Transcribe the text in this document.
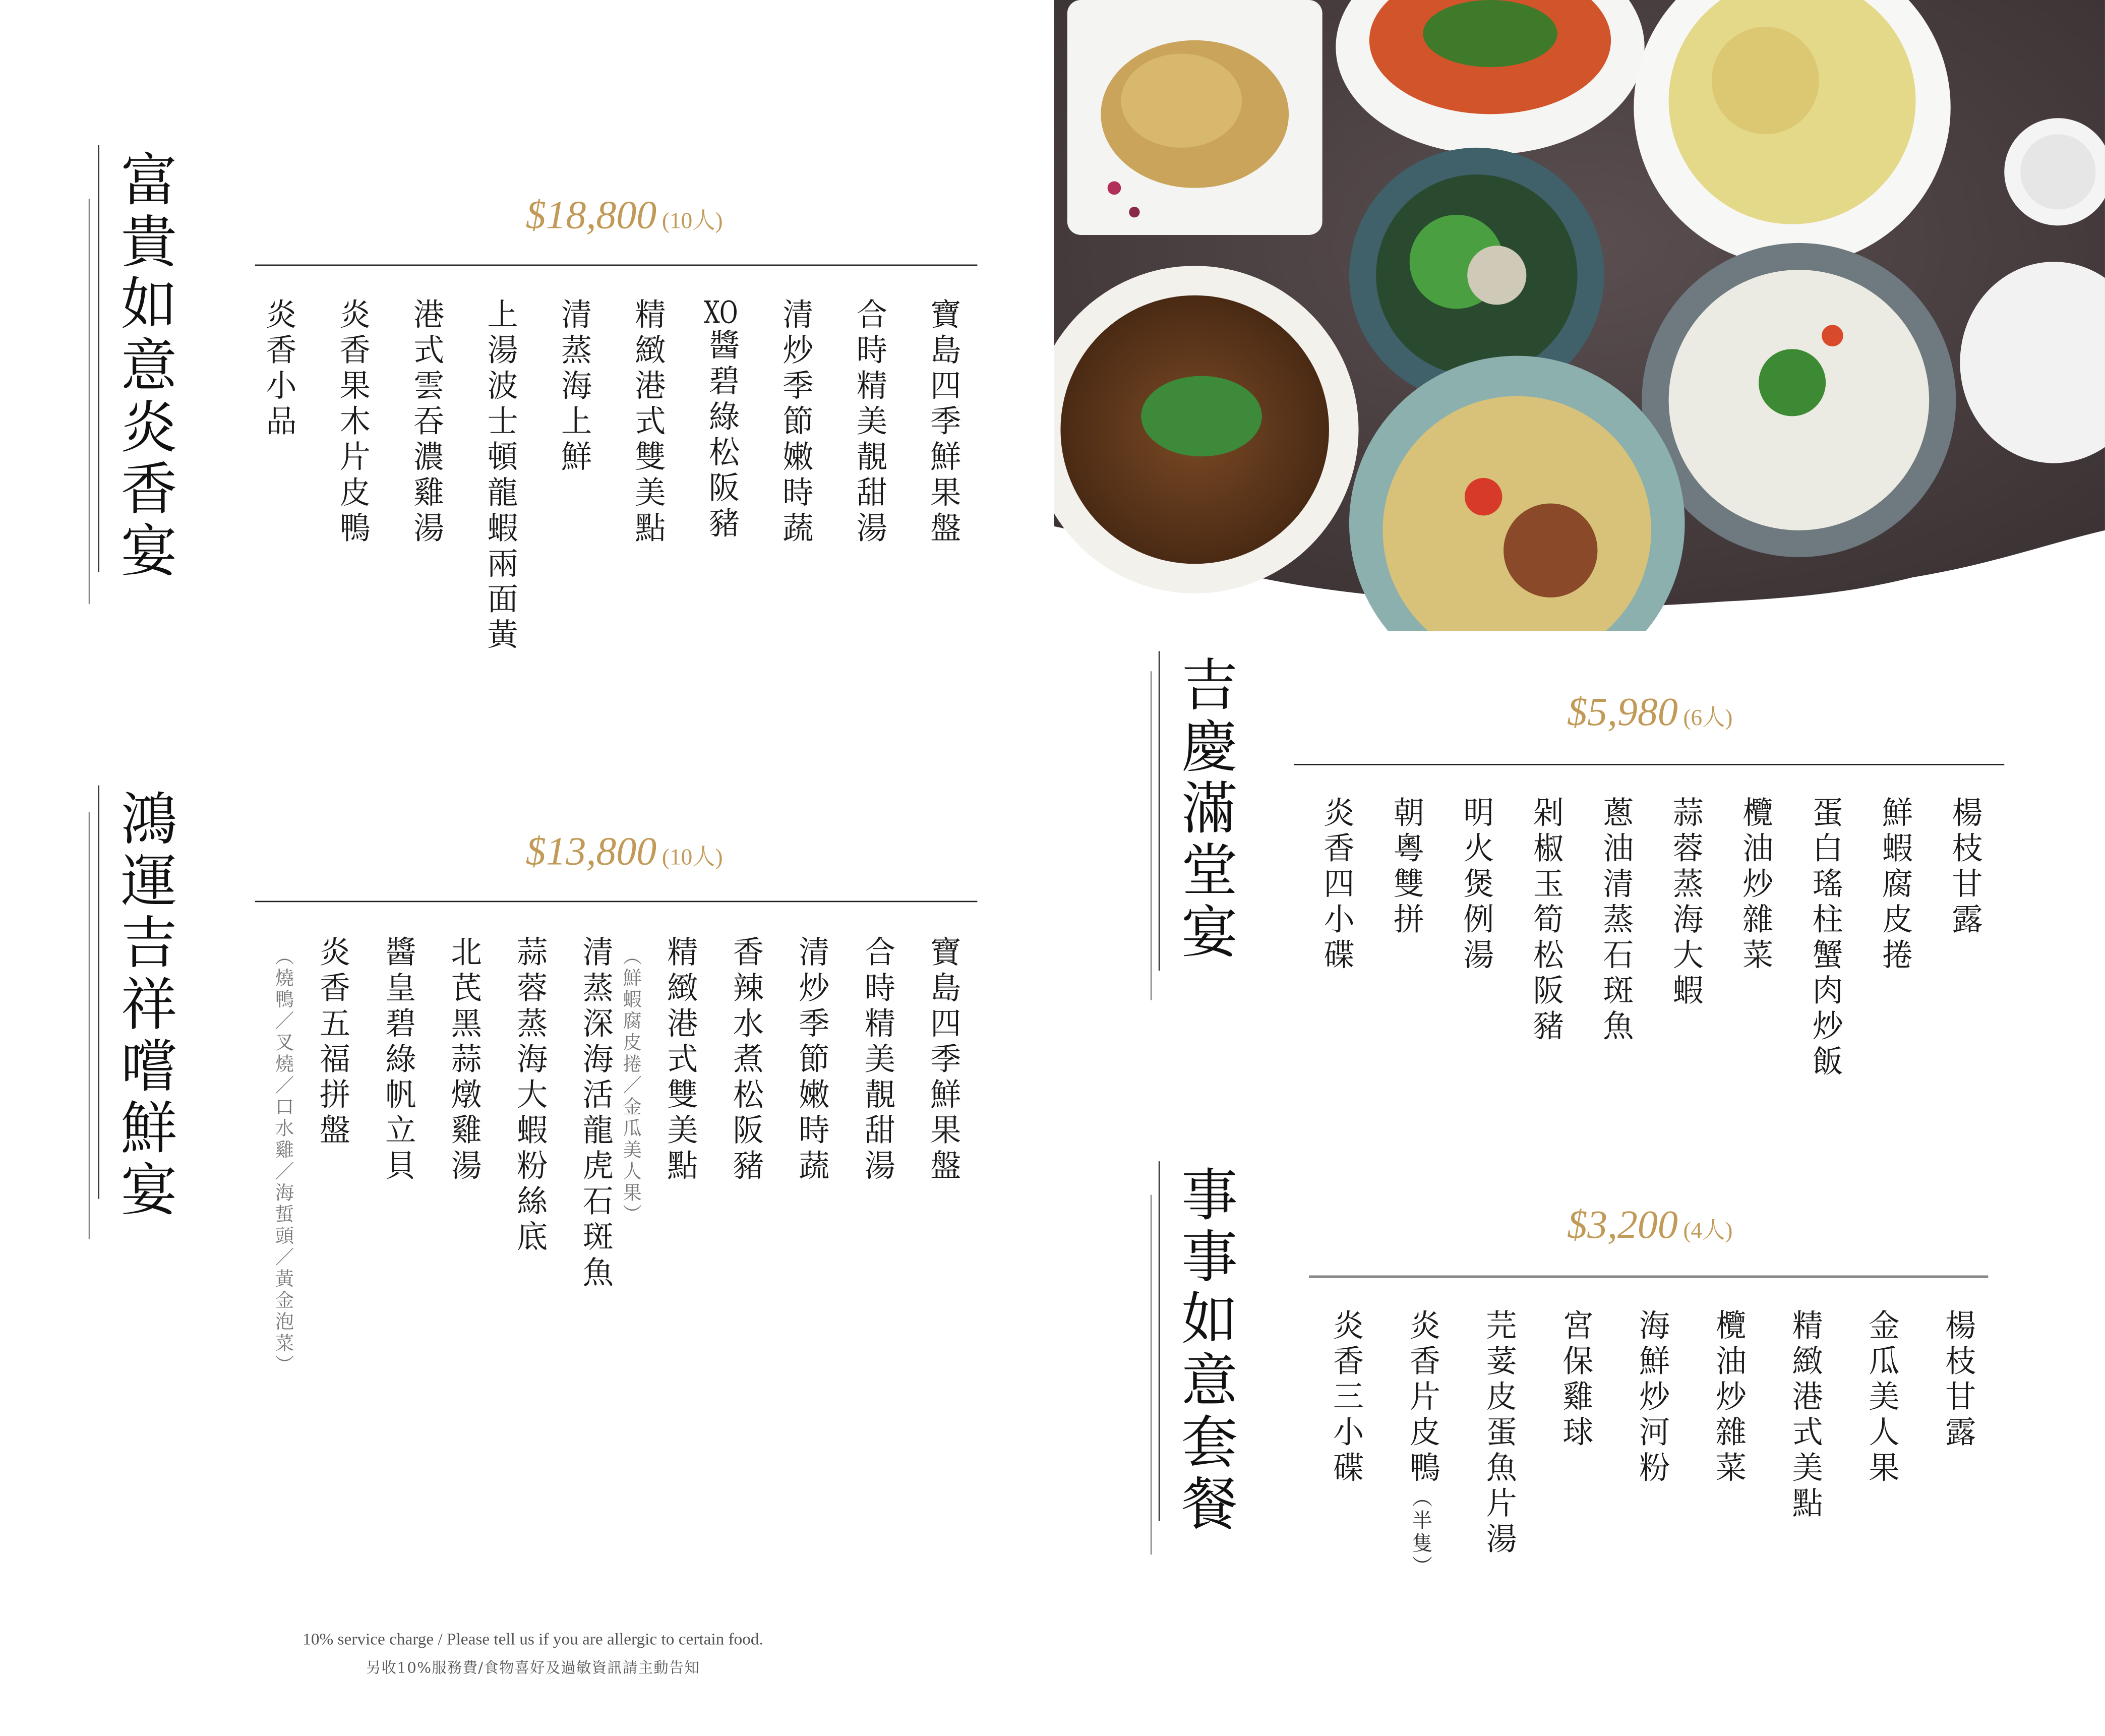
富貴如意炎香宴	$18,800 (10人)
寶島四季鮮果盤
合時精美靚甜湯
清炒季節嫩時蔬
XO醬碧綠松阪豬
精緻港式雙美點
清蒸海上鮮
上湯波士頓龍蝦兩面黃
港式雲吞濃雞湯
炎香果木片皮鴨
炎香小品
鴻運吉祥嚐鮮宴	$13,800 (10人)
寶島四季鮮果盤
合時精美靚甜湯
清炒季節嫩時蔬
香辣水煮松阪豬
精緻港式雙美點
（鮮蝦腐皮捲／金瓜美人果）
清蒸深海活龍虎石斑魚
蒜蓉蒸海大蝦粉絲底
北芪黑蒜燉雞湯
醬皇碧綠帆立貝
炎香五福拼盤
（燒鴨／叉燒／口水雞／海蜇頭／黃金泡菜）
吉慶滿堂宴	$5,980 (6人)
楊枝甘露
鮮蝦腐皮捲
蛋白瑤柱蟹肉炒飯
欖油炒雜菜
蒜蓉蒸海大蝦
蔥油清蒸石斑魚
剁椒玉筍松阪豬
明火煲例湯
朝粵雙拼
炎香四小碟
事事如意套餐	$3,200 (4人)
楊枝甘露
金瓜美人果
精緻港式美點
欖油炒雜菜
海鮮炒河粉
宮保雞球
芫荽皮蛋魚片湯
炎香片皮鴨（半隻）
炎香三小碟
10% service charge / Please tell us if you are allergic to certain food.
另收10%服務費/食物喜好及過敏資訊請主動告知
